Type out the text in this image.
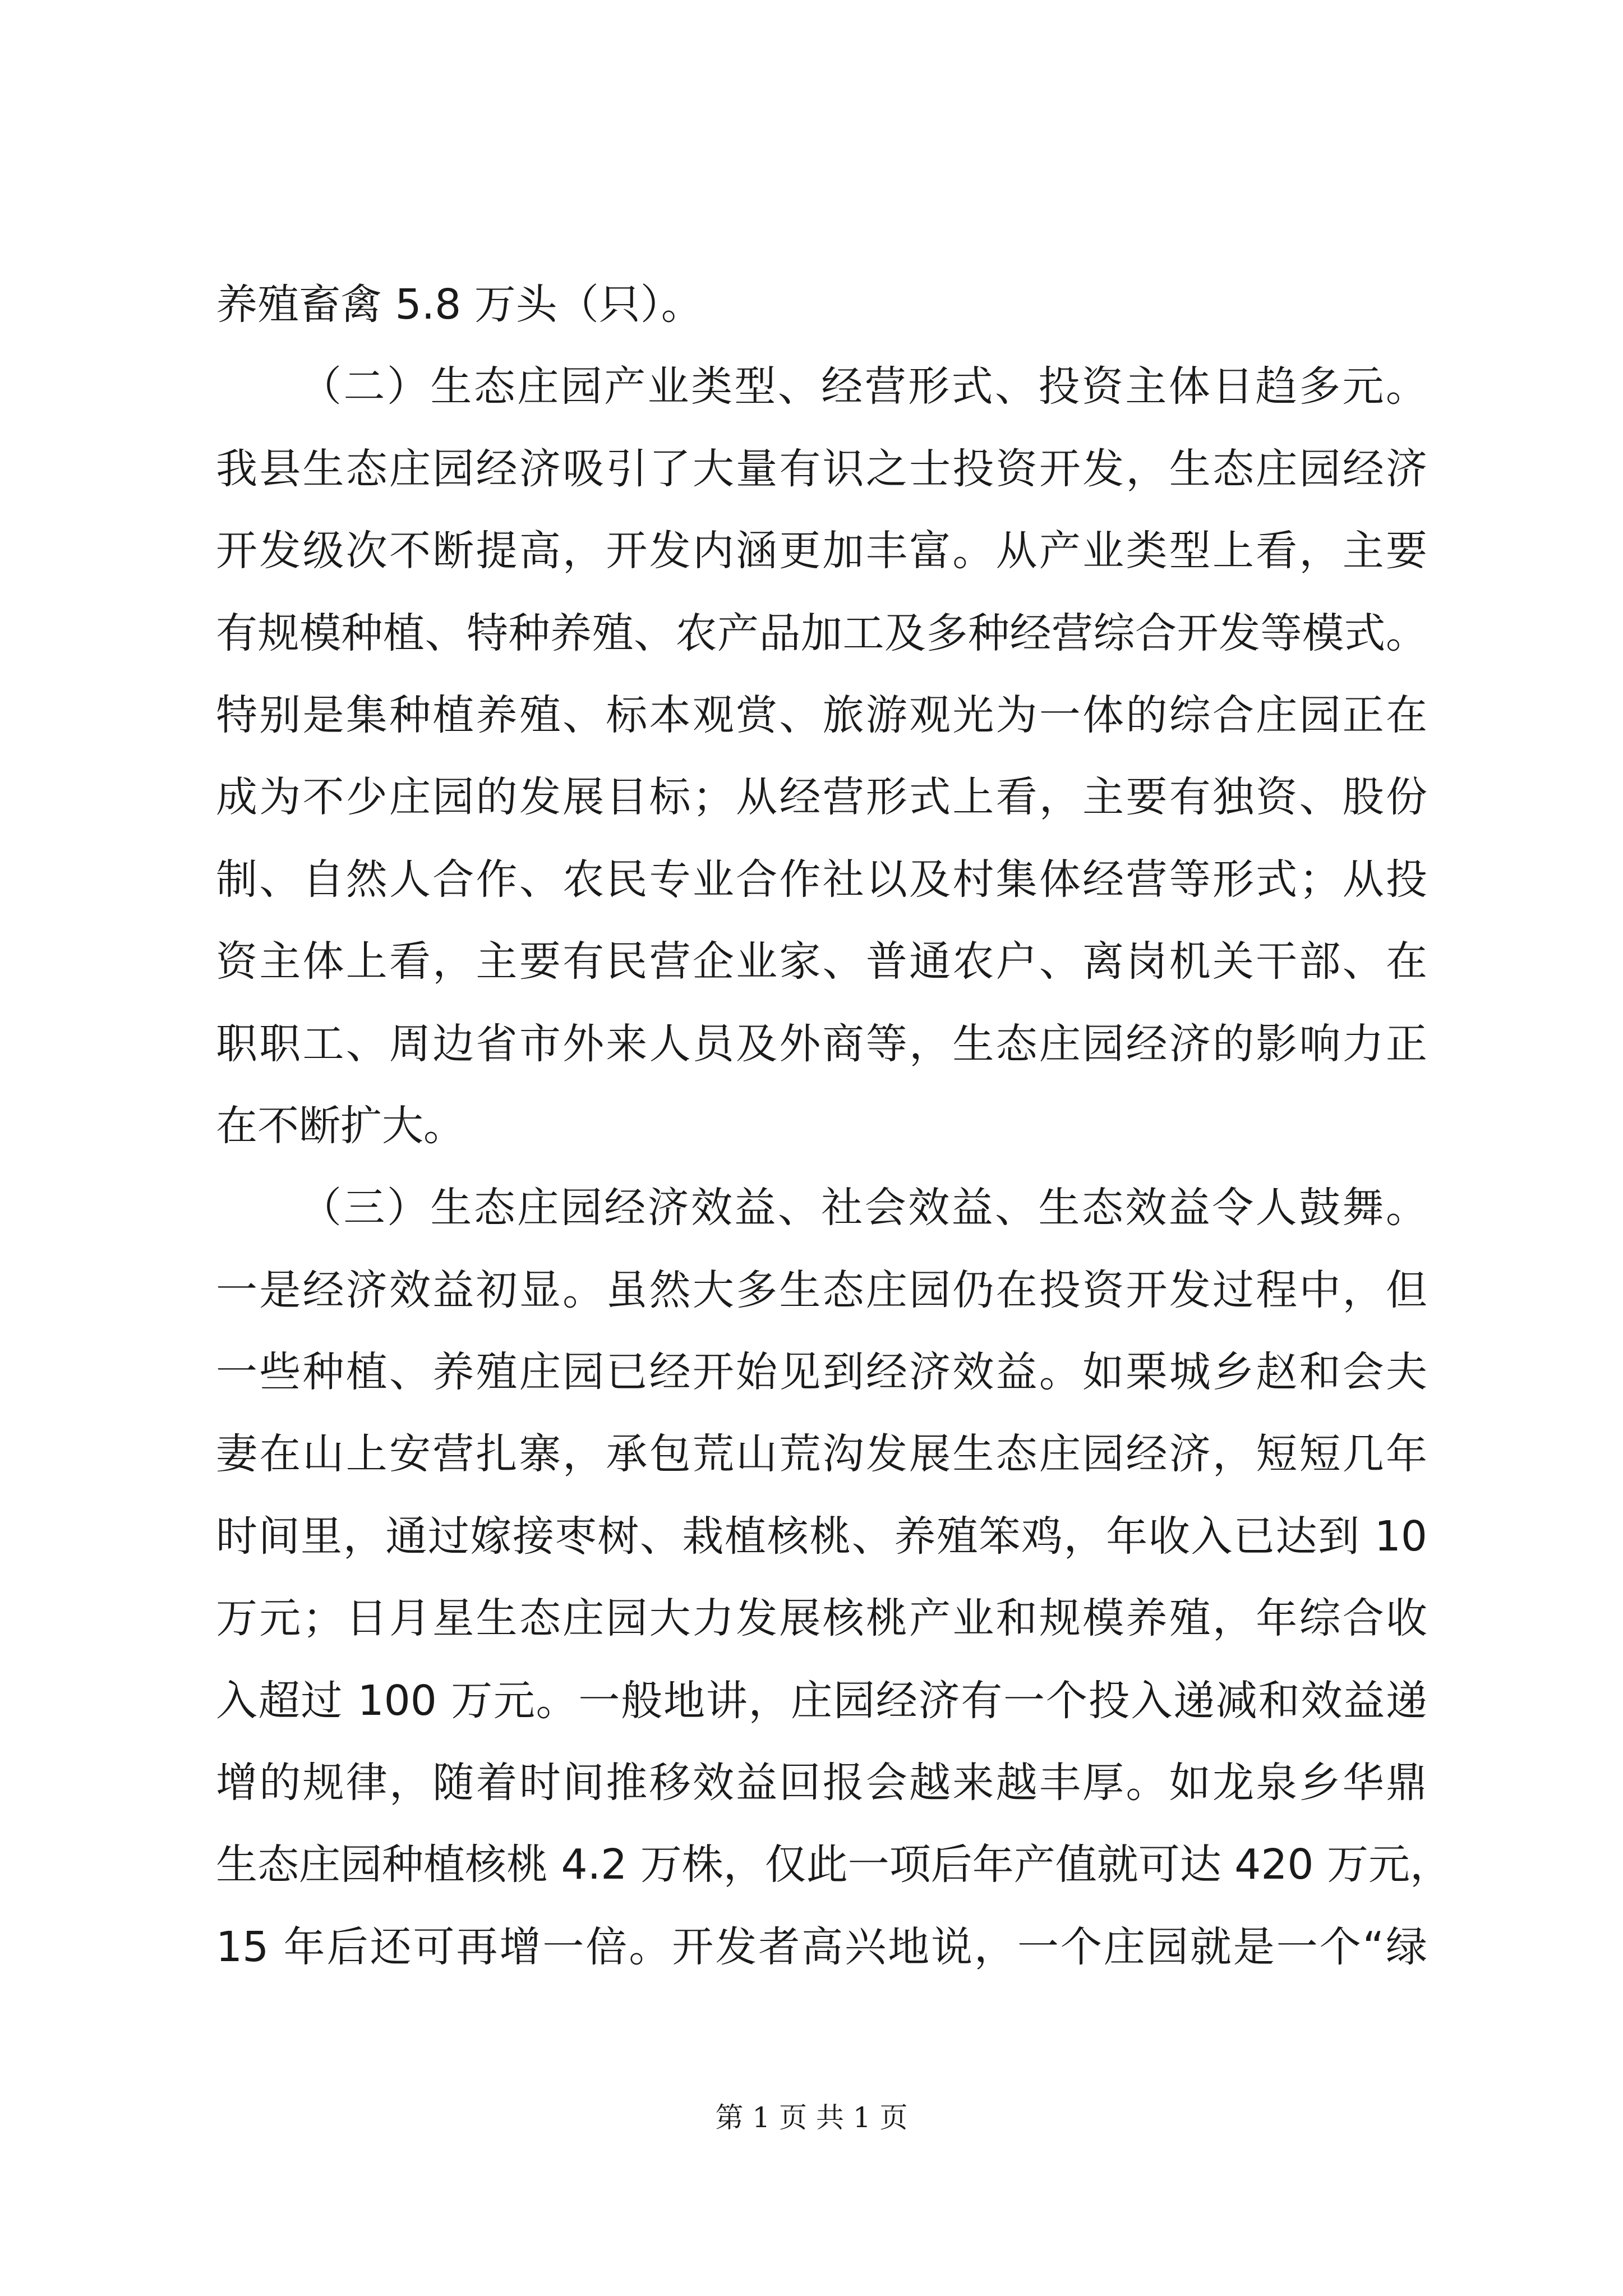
养殖畜禽 5.8 万头（只）。
（二）生态庄园产业类型、经营形式、投资主体日趋多元。
我县生态庄园经济吸引了大量有识之士投资开发，生态庄园经济
开发级次不断提高，开发内涵更加丰富。从产业类型上看，主要
有规模种植、特种养殖、农产品加工及多种经营综合开发等模式。
特别是集种植养殖、标本观赏、旅游观光为一体的综合庄园正在
成为不少庄园的发展目标；从经营形式上看，主要有独资、股份
制、自然人合作、农民专业合作社以及村集体经营等形式；从投
资主体上看，主要有民营企业家、普通农户、离岗机关干部、在
职职工、周边省市外来人员及外商等，生态庄园经济的影响力正
在不断扩大。
（三）生态庄园经济效益、社会效益、生态效益令人鼓舞。
一是经济效益初显。虽然大多生态庄园仍在投资开发过程中，但
一些种植、养殖庄园已经开始见到经济效益。如栗城乡赵和会夫
妻在山上安营扎寨，承包荒山荒沟发展生态庄园经济，短短几年
时间里，通过嫁接枣树、栽植核桃、养殖笨鸡，年收入已达到 10
万元；日月星生态庄园大力发展核桃产业和规模养殖，年综合收
入超过 100 万元。一般地讲，庄园经济有一个投入递减和效益递
增的规律，随着时间推移效益回报会越来越丰厚。如龙泉乡华鼎
生态庄园种植核桃 4.2 万株，仅此一项后年产值就可达 420 万元，
15 年后还可再增一倍。开发者高兴地说，一个庄园就是一个“绿
第 1 页 共 1 页
